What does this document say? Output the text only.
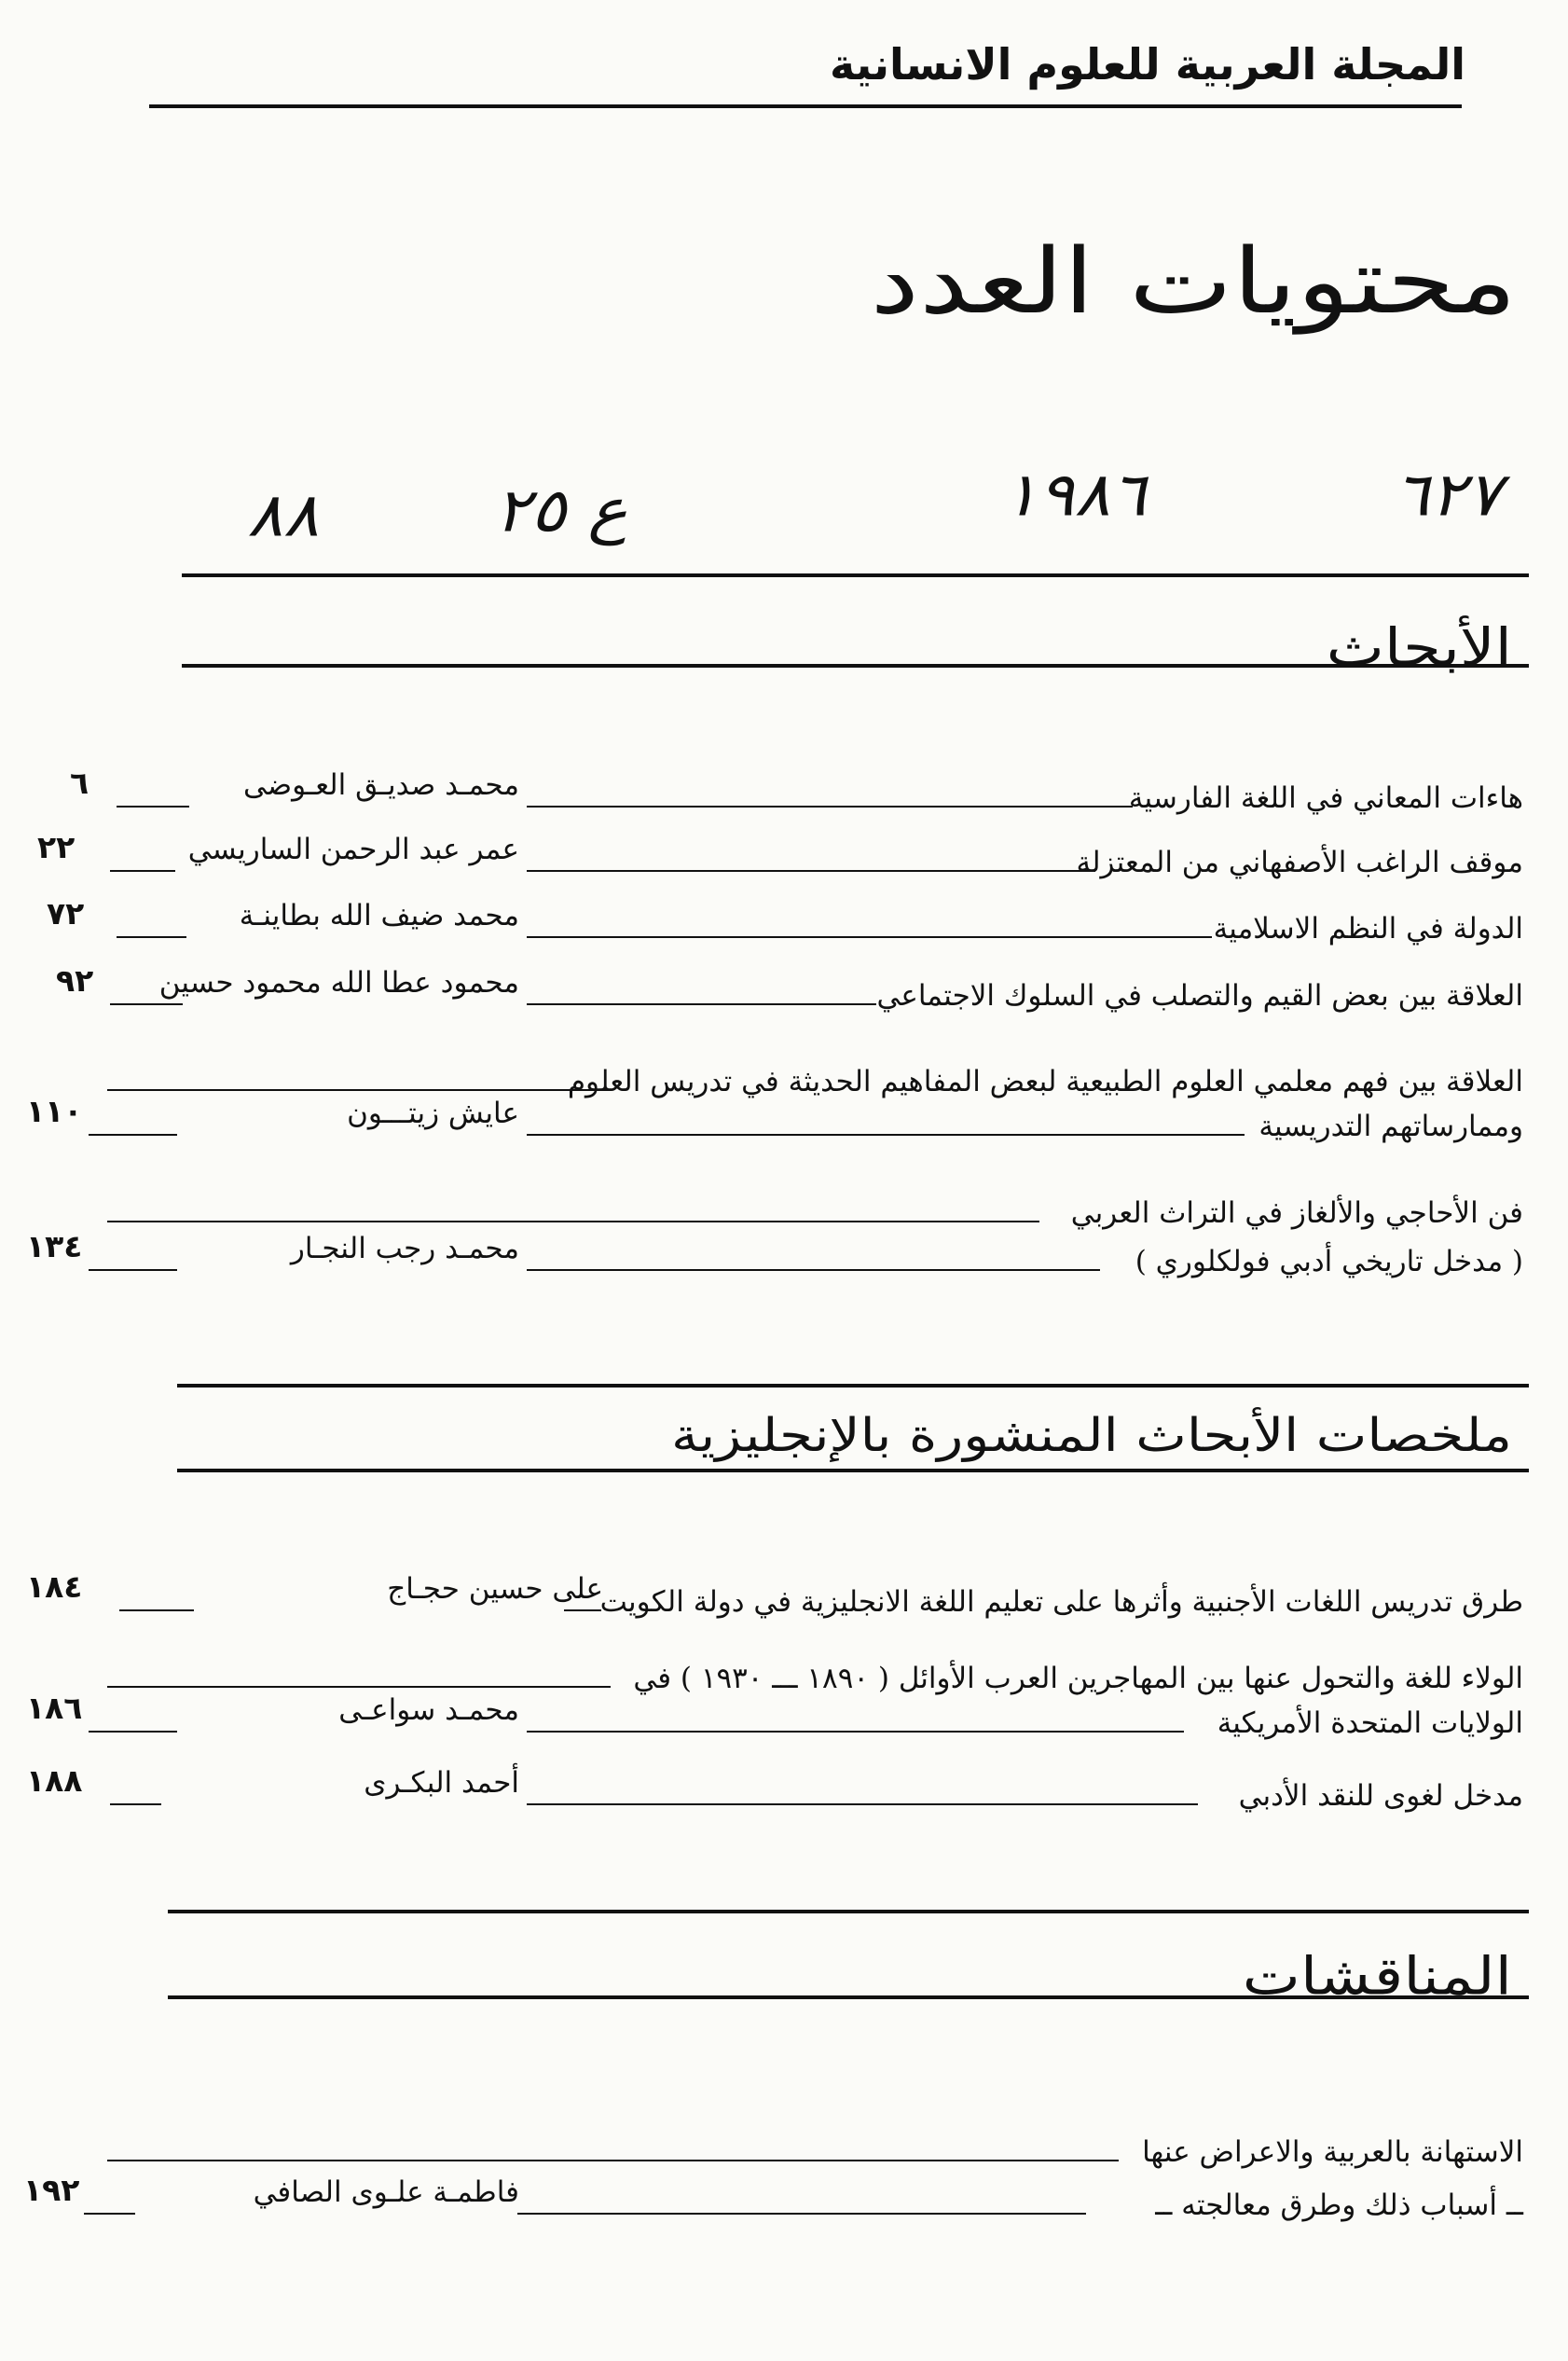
المجلة العربية للعلوم الانسانية
محتويات العدد
٦٢٧
١٩٨٦
ع ٢٥
٨٨
الأبحاث
هاءات المعاني في اللغة الفارسية
محمـد صديـق العـوضى
٦
موقف الراغب الأصفهاني من المعتزلة
عمر عبد الرحمن الساريسي
٢٢
الدولة في النظم الاسلامية
محمد ضيف الله بطاينـة
٧٢
العلاقة بين بعض القيم والتصلب في السلوك الاجتماعي
محمود عطا الله محمود حسين
٩٢
العلاقة بين فهم معلمي العلوم الطبيعية لبعض المفاهيم الحديثة في تدريس العلوم
وممارساتهم التدريسية
عايش زيتـــون
١١٠
فن الأحاجي والألغاز في التراث العربي
( مدخل تاريخي أدبي فولكلوري )
محمـد رجب النجـار
١٣٤
ملخصات الأبحاث المنشورة بالإنجليزية
طرق تدريس اللغات الأجنبية وأثرها على تعليم اللغة الانجليزية في دولة الكويت
على حسين حجـاج
١٨٤
الولاء للغة والتحول عنها بين المهاجرين العرب الأوائل ( ١٨٩٠ ـــ ١٩٣٠ ) في
الولايات المتحدة الأمريكية
محمـد سواعـى
١٨٦
مدخل لغوى للنقد الأدبي
أحمد البكـرى
١٨٨
المناقشات
الاستهانة بالعربية والاعراض عنها
ــ أسباب ذلك وطرق معالجته ــ
فاطمـة علـوى الصافي
١٩٢
